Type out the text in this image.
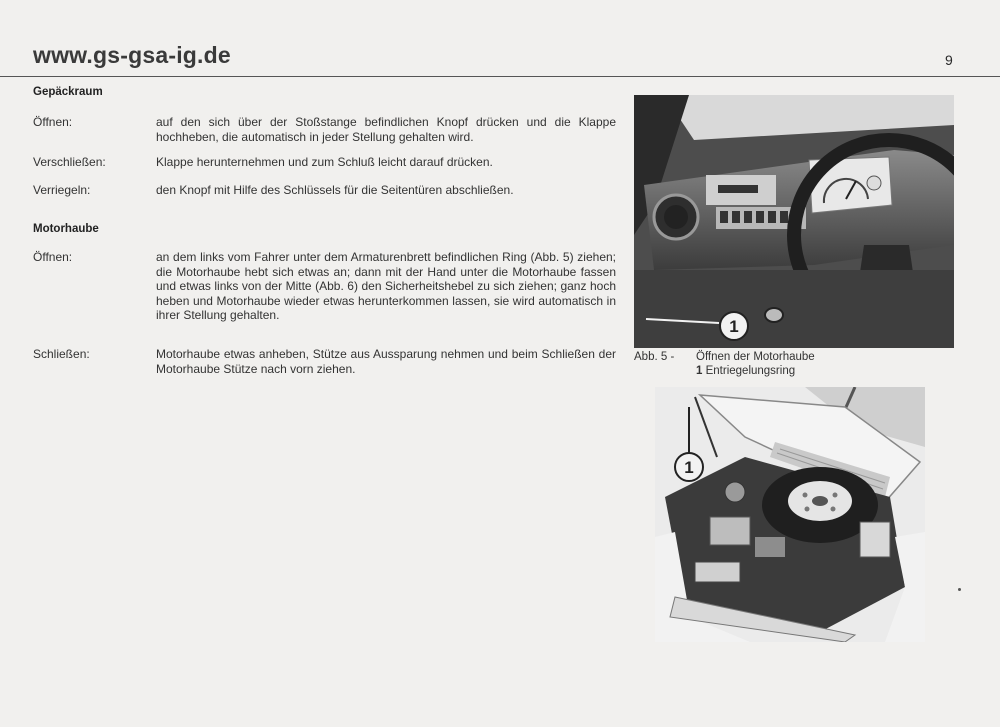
www.gs-gsa-ig.de	9
Gepäckraum
Öffnen:	auf den sich über der Stoßstange befindlichen Knopf drücken und die Klappe hochheben, die automatisch in jeder Stellung gehalten wird.
Verschließen:	Klappe herunternehmen und zum Schluß leicht darauf drücken.
Verriegeln:	den Knopf mit Hilfe des Schlüssels für die Seitentüren abschließen.
Motorhaube
Öffnen:	an dem links vom Fahrer unter dem Armaturenbrett befindlichen Ring (Abb. 5) ziehen; die Motorhaube hebt sich etwas an; dann mit der Hand unter die Motorhaube fassen und etwas links von der Mitte (Abb. 6) den Sicherheitshebel zu sich ziehen; ganz hoch heben und Motorhaube wieder etwas herunterkommen lassen, sie wird automatisch in ihrer Stellung gehalten.
Schließen:	Motorhaube etwas anheben, Stütze aus Aussparung nehmen und beim Schließen der Motorhaube Stütze nach vorn ziehen.
1
Abb. 5 - Öffnen der Motorhaube
1 Entriegelungsring
1
